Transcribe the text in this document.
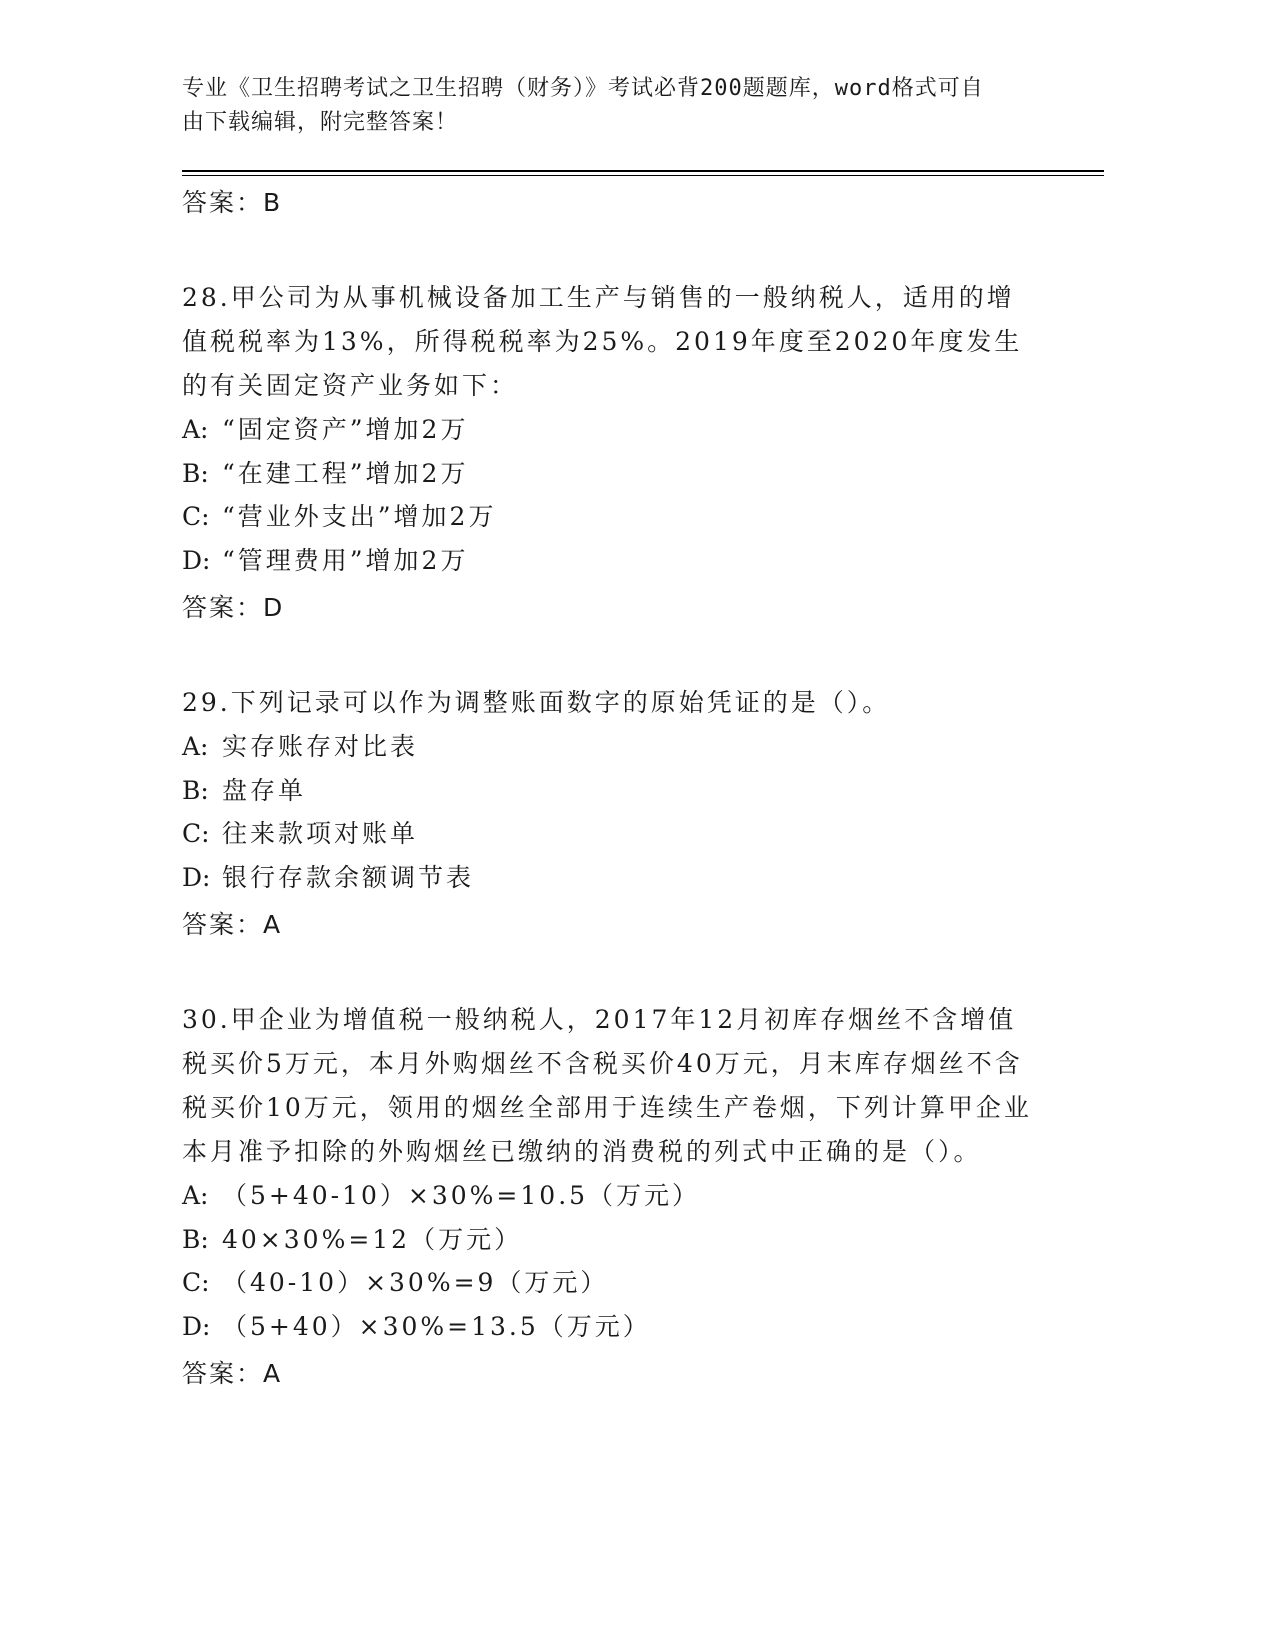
专业《卫生招聘考试之卫生招聘（财务）》考试必背200题题库，word格式可自
由下载编辑，附完整答案！

答案：B

28.甲公司为从事机械设备加工生产与销售的一般纳税人，适用的增值税税率为13%，所得税税率为25%。2019年度至2020年度发生的有关固定资产业务如下：

A: “固定资产”增加2万

B: “在建工程”增加2万

C: “营业外支出”增加2万

D: “管理费用”增加2万

答案：D

29.下列记录可以作为调整账面数字的原始凭证的是（）。

A: 实存账存对比表

B: 盘存单

C: 往来款项对账单

D: 银行存款余额调节表

答案：A

30.甲企业为增值税一般纳税人，2017年12月初库存烟丝不含增值税买价5万元，本月外购烟丝不含税买价40万元，月末库存烟丝不含税买价10万元，领用的烟丝全部用于连续生产卷烟，下列计算甲企业本月准予扣除的外购烟丝已缴纳的消费税的列式中正确的是（）。

A: （5+40-10）×30%=10.5（万元）

B: 40×30%=12（万元）

C: （40-10）×30%=9（万元）

D: （5+40）×30%=13.5（万元）

答案：A
